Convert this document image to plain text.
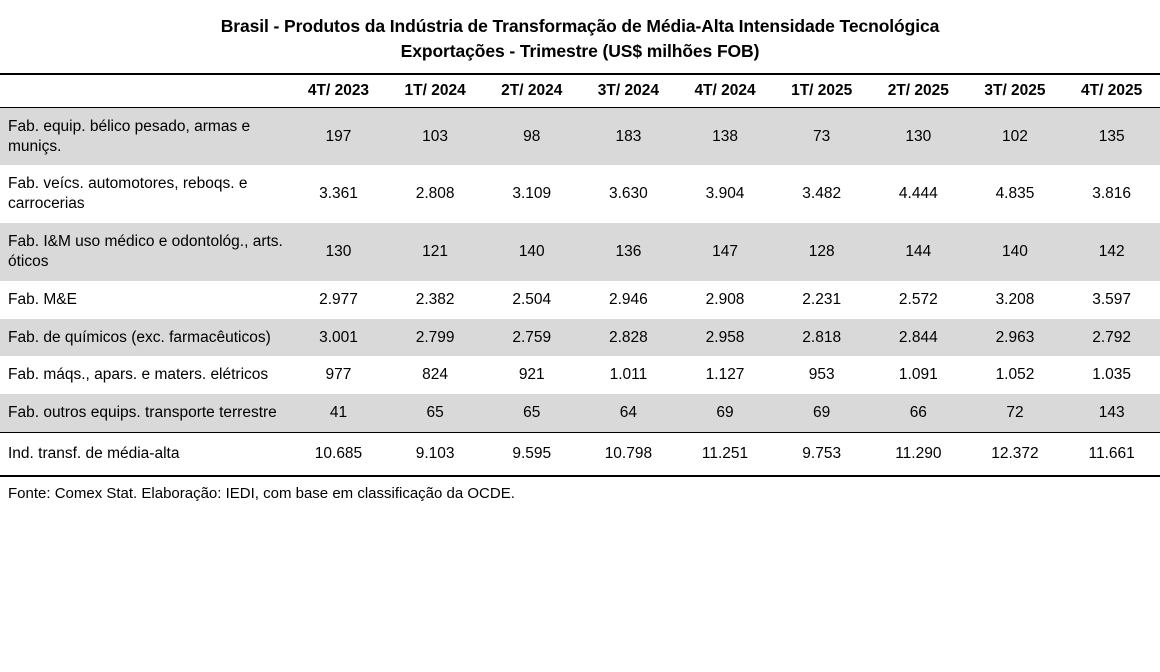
Brasil - Produtos da Indústria de Transformação de Média-Alta Intensidade Tecnológica
Exportações - Trimestre (US$ milhões FOB)
	4T/ 2023	1T/ 2024	2T/ 2024	3T/ 2024	4T/ 2024	1T/ 2025	2T/ 2025	3T/ 2025	4T/ 2025
Fab. equip. bélico pesado, armas e muniçs.	197	103	98	183	138	73	130	102	135
Fab. veícs. automotores, reboqs. e carrocerias	3.361	2.808	3.109	3.630	3.904	3.482	4.444	4.835	3.816
Fab. I&M uso médico e odontológ., arts. óticos	130	121	140	136	147	128	144	140	142
Fab. M&E	2.977	2.382	2.504	2.946	2.908	2.231	2.572	3.208	3.597
Fab. de químicos (exc. farmacêuticos)	3.001	2.799	2.759	2.828	2.958	2.818	2.844	2.963	2.792
Fab. máqs., apars. e maters. elétricos	977	824	921	1.011	1.127	953	1.091	1.052	1.035
Fab. outros equips. transporte terrestre	41	65	65	64	69	69	66	72	143
Ind. transf. de média-alta	10.685	9.103	9.595	10.798	11.251	9.753	11.290	12.372	11.661
Fonte: Comex Stat. Elaboração: IEDI, com base em classificação da OCDE.
